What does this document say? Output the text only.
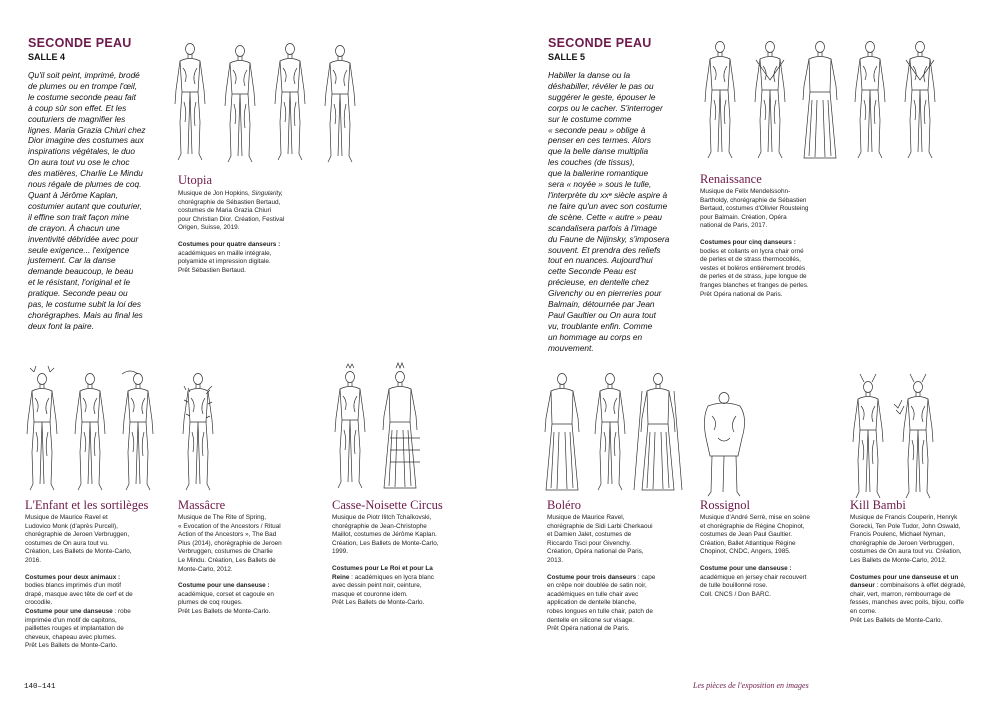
SECONDE PEAU
SALLE 4
Qu'il soit peint, imprimé, brodé
de plumes ou en trompe l'œil,
le costume seconde peau fait
à coup sûr son effet. Et les
couturiers de magnifier les
lignes. Maria Grazia Chiuri chez
Dior imagine des costumes aux
inspirations végétales, le duo
On aura tout vu ose le choc
des matières, Charlie Le Mindu
nous régale de plumes de coq.
Quant à Jérôme Kaplan,
costumier autant que couturier,
il effine son trait façon mine
de crayon. À chacun une
inventivité débridée avec pour
seule exigence... l'exigence
justement. Car la danse
demande beaucoup, le beau
et le résistant, l'original et le
pratique. Seconde peau ou
pas, le costume subit la loi des
chorégraphes. Mais au final les
deux font la paire.
Utopia
Musique de Jon Hopkins, Singularity,
chorégraphie de Sébastien Bertaud,
costumes de Maria Grazia Chiuri
pour Christian Dior. Création, Festival
Origen, Suisse, 2019.
Costumes pour quatre danseurs :
académiques en maille intégrale,
polyamide et impression digitale.
Prêt Sébastien Bertaud.
L'Enfant et les sortilèges
Musique de Maurice Ravel et
Ludovico Monk (d'après Purcell),
chorégraphie de Jeroen Verbruggen,
costumes de On aura tout vu.
Création, Les Ballets de Monte-Carlo,
2016.
Costumes pour deux animaux :
bodies blancs imprimés d'un motif
drapé, masque avec tête de cerf et de
crocodile.
Costume pour une danseuse : robe
imprimée d'un motif de capitons,
paillettes rouges et implantation de
cheveux, chapeau avec plumes.
Prêt Les Ballets de Monte-Carlo.
Massâcre
Musique de The Rite of Spring,
« Evocation of the Ancestors / Ritual
Action of the Ancestors », The Bad
Plus (2014), chorégraphie de Jeroen
Verbruggen, costumes de Charlie
Le Mindu. Création, Les Ballets de
Monte-Carlo, 2012.
Costume pour une danseuse :
académique, corset et cagoule en
plumes de coq rouges.
Prêt Les Ballets de Monte-Carlo.
Casse-Noisette Circus
Musique de Piotr Ilitch Tchaïkovski,
chorégraphie de Jean-Christophe
Maillot, costumes de Jérôme Kaplan.
Création, Les Ballets de Monte-Carlo,
1999.
Costumes pour Le Roi et pour La
Reine : académiques en lycra blanc
avec dessin peint noir, ceinture,
masque et couronne idem.
Prêt Les Ballets de Monte-Carlo.
140–141
SECONDE PEAU
SALLE 5
Habiller la danse ou la
déshabiller, révéler le pas ou
suggérer le geste, épouser le
corps ou le cacher. S'interroger
sur le costume comme
« seconde peau » oblige à
penser en ces termes. Alors
que la belle danse multiplia
les couches (de tissus),
que la ballerine romantique
sera « noyée » sous le tulle,
l'interprète du xxᵉ siècle aspire à
ne faire qu'un avec son costume
de scène. Cette « autre » peau
scandalisera parfois à l'image
du Faune de Nijinsky, s'imposera
souvent. Et prendra des reliefs
tout en nuances. Aujourd'hui
cette Seconde Peau est
précieuse, en dentelle chez
Givenchy ou en pierreries pour
Balmain, détournée par Jean
Paul Gaultier ou On aura tout
vu, troublante enfin. Comme
un hommage au corps en
mouvement.
Renaissance
Musique de Felix Mendelssohn-
Bartholdy, chorégraphie de Sébastien
Bertaud, costumes d'Olivier Rousteing
pour Balmain. Création, Opéra
national de Paris, 2017.
Costumes pour cinq danseurs :
bodies et collants en lycra chair orné
de perles et de strass thermocollés,
vestes et boléros entièrement brodés
de perles et de strass, jupe longue de
franges blanches et franges de perles.
Prêt Opéra national de Paris.
Boléro
Musique de Maurice Ravel,
chorégraphie de Sidi Larbi Cherkaoui
et Damien Jalet, costumes de
Riccardo Tisci pour Givenchy.
Création, Opéra national de Paris,
2013.
Costume pour trois danseurs : cape
en crêpe noir doublée de satin noir,
académiques en tulle chair avec
application de dentelle blanche,
robes longues en tulle chair, patch de
dentelle en silicone sur visage.
Prêt Opéra national de Paris.
Rossignol
Musique d'André Serré, mise en scène
et chorégraphie de Régine Chopinot,
costumes de Jean Paul Gaultier.
Création, Ballet Atlantique Régine
Chopinot, CNDC, Angers, 1985.
Costume pour une danseuse :
académique en jersey chair recouvert
de tulle bouillonné rose.
Coll. CNCS / Don BARC.
Kill Bambi
Musique de Francis Couperin, Henryk
Gorecki, Ten Pole Tudor, John Oswald,
Francis Poulenc, Michael Nyman,
chorégraphie de Jeroen Verbruggen,
costumes de On aura tout vu. Création,
Les Ballets de Monte-Carlo, 2012.
Costumes pour une danseuse et un
danseur : combinaisons à effet dégradé,
chair, vert, marron, rembourrage de
fesses, manches avec poils, bijou, coiffe
en corne.
Prêt Les Ballets de Monte-Carlo.
Les pièces de l'exposition en images
